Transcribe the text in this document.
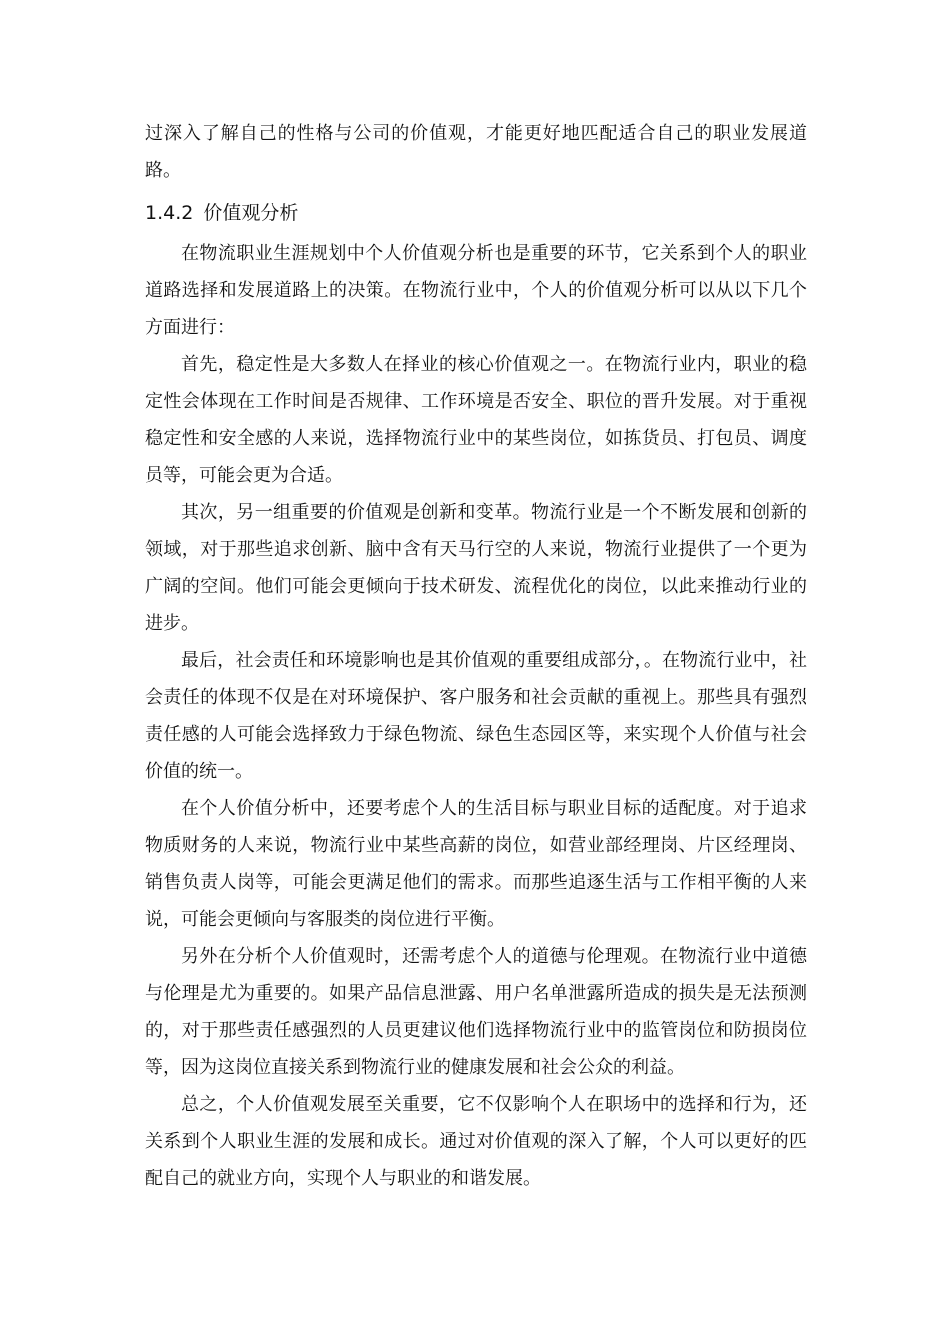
过深入了解自己的性格与公司的价值观，才能更好地匹配适合自己的职业发展道路。

1.4.2 价值观分析

在物流职业生涯规划中个人价值观分析也是重要的环节，它关系到个人的职业道路选择和发展道路上的决策。在物流行业中，个人的价值观分析可以从以下几个方面进行：

首先，稳定性是大多数人在择业的核心价值观之一。在物流行业内，职业的稳定性会体现在工作时间是否规律、工作环境是否安全、职位的晋升发展。对于重视稳定性和安全感的人来说，选择物流行业中的某些岗位，如拣货员、打包员、调度员等，可能会更为合适。

其次，另一组重要的价值观是创新和变革。物流行业是一个不断发展和创新的领域，对于那些追求创新、脑中含有天马行空的人来说，物流行业提供了一个更为广阔的空间。他们可能会更倾向于技术研发、流程优化的岗位，以此来推动行业的进步。

最后，社会责任和环境影响也是其价值观的重要组成部分，。在物流行业中，社会责任的体现不仅是在对环境保护、客户服务和社会贡献的重视上。那些具有强烈责任感的人可能会选择致力于绿色物流、绿色生态园区等，来实现个人价值与社会价值的统一。

在个人价值分析中，还要考虑个人的生活目标与职业目标的适配度。对于追求物质财务的人来说，物流行业中某些高薪的岗位，如营业部经理岗、片区经理岗、销售负责人岗等，可能会更满足他们的需求。而那些追逐生活与工作相平衡的人来说，可能会更倾向与客服类的岗位进行平衡。

另外在分析个人价值观时，还需考虑个人的道德与伦理观。在物流行业中道德与伦理是尤为重要的。如果产品信息泄露、用户名单泄露所造成的损失是无法预测的，对于那些责任感强烈的人员更建议他们选择物流行业中的监管岗位和防损岗位等，因为这岗位直接关系到物流行业的健康发展和社会公众的利益。

总之，个人价值观发展至关重要，它不仅影响个人在职场中的选择和行为，还关系到个人职业生涯的发展和成长。通过对价值观的深入了解，个人可以更好的匹配自己的就业方向，实现个人与职业的和谐发展。
